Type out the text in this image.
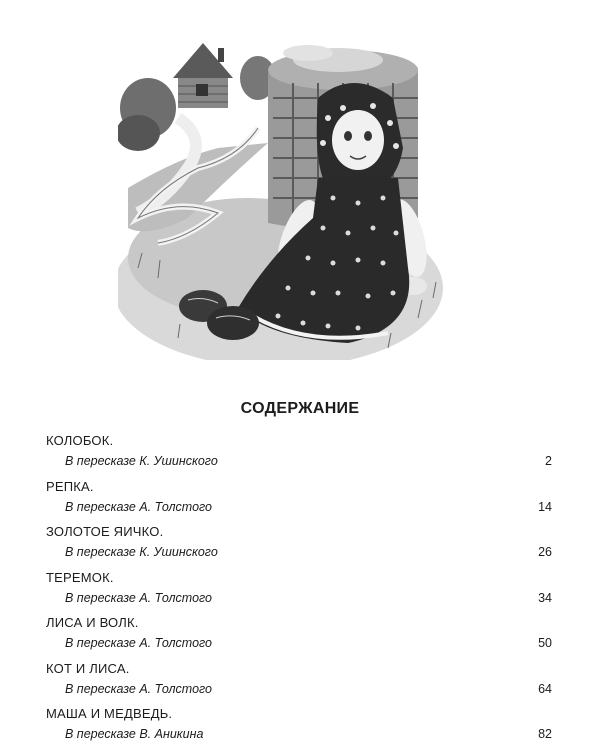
СОДЕРЖАНИЕ
КОЛОБОК.
В пересказе К. Ушинского	2
РЕПКА.
В пересказе А. Толстого	14
ЗОЛОТОЕ ЯИЧКО.
В пересказе К. Ушинского	26
ТЕРЕМОК.
В пересказе А. Толстого	34
ЛИСА И ВОЛК.
В пересказе А. Толстого	50
КОТ И ЛИСА.
В пересказе А. Толстого	64
МАША И МЕДВЕДЬ.
В пересказе В. Аникина	82
